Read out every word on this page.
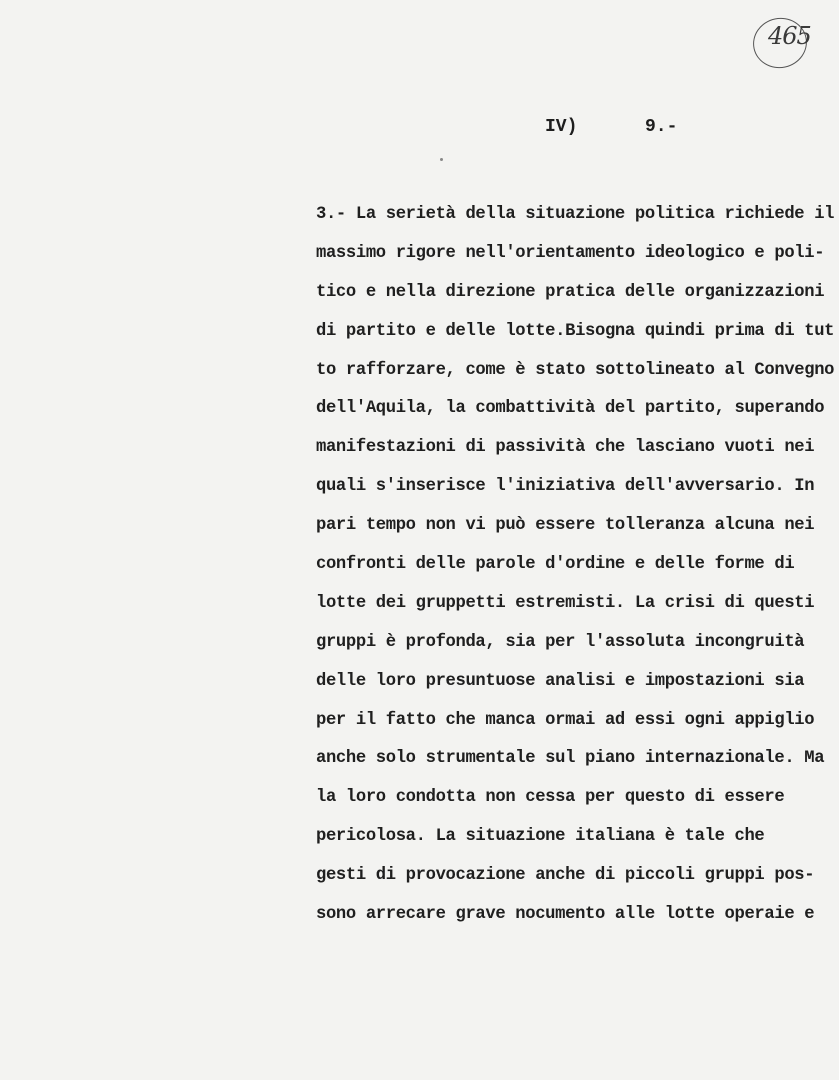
465
IV)	9.-
3.- La serietà della situazione politica richiede il
massimo rigore nell'orientamento ideologico e poli-
tico e nella direzione pratica delle organizzazioni
di partito e delle lotte.Bisogna quindi prima di tut
to rafforzare, come è stato sottolineato al Convegno
dell'Aquila, la combattività del partito, superando
manifestazioni di passività che lasciano vuoti nei
quali s'inserisce l'iniziativa dell'avversario. In
pari tempo non vi può essere tolleranza alcuna nei
confronti delle parole d'ordine e delle forme di
lotte dei gruppetti estremisti. La crisi di questi
gruppi è profonda, sia per l'assoluta incongruità
delle loro presuntuose analisi e impostazioni sia
per il fatto che manca ormai ad essi ogni appiglio
anche solo strumentale sul piano internazionale. Ma
la loro condotta non cessa per questo di essere
pericolosa. La situazione italiana è tale che
gesti di provocazione anche di piccoli gruppi pos-
sono arrecare grave nocumento alle lotte operaie e
